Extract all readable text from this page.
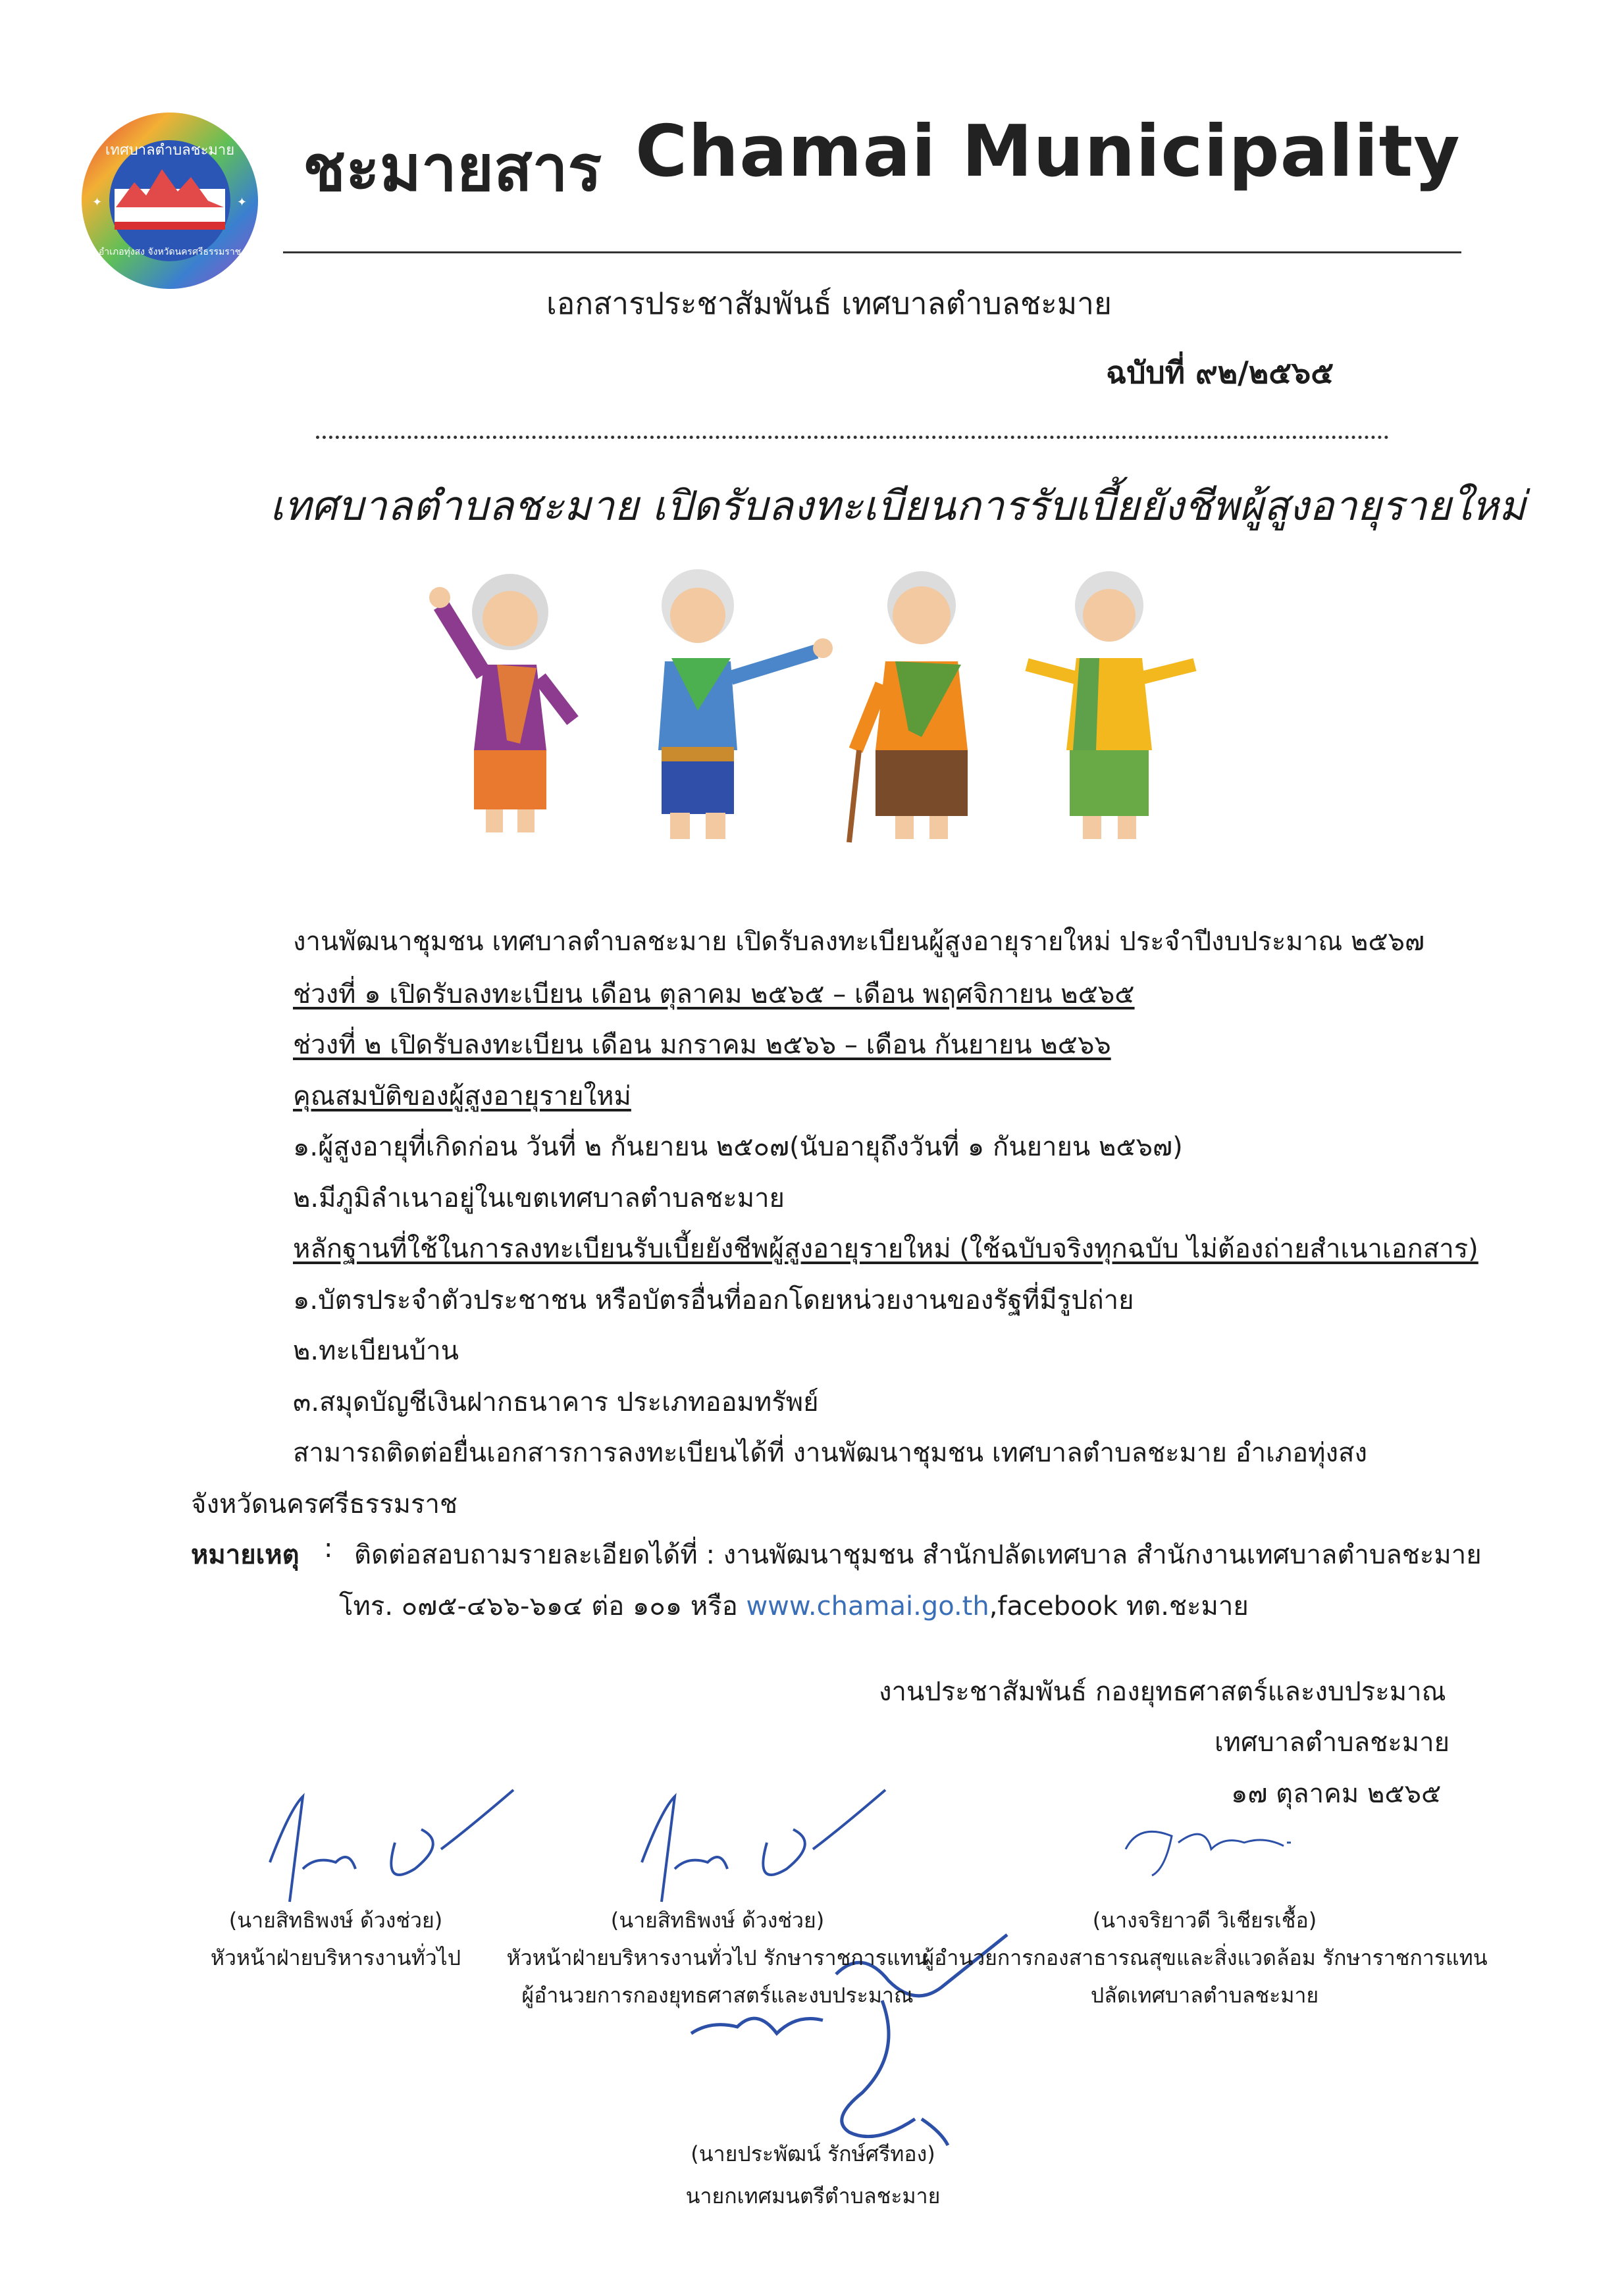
เทศบาลตำบลชะมาย
อำเภอทุ่งสง จังหวัดนครศรีธรรมราช
✦	✦ ชะมายสาร Chamai Municipality
เอกสารประชาสัมพันธ์ เทศบาลตำบลชะมาย
ฉบับที่ ๙๒/๒๕๖๕
เทศบาลตำบลชะมาย เปิดรับลงทะเบียนการรับเบี้ยยังชีพผู้สูงอายุรายใหม่
งานพัฒนาชุมชน เทศบาลตำบลชะมาย เปิดรับลงทะเบียนผู้สูงอายุรายใหม่ ประจำปีงบประมาณ ๒๕๖๗
ช่วงที่ ๑ เปิดรับลงทะเบียน เดือน ตุลาคม ๒๕๖๕ – เดือน พฤศจิกายน ๒๕๖๕
ช่วงที่ ๒ เปิดรับลงทะเบียน เดือน มกราคม ๒๕๖๖ – เดือน กันยายน ๒๕๖๖
คุณสมบัติของผู้สูงอายุรายใหม่
๑.ผู้สูงอายุที่เกิดก่อน วันที่ ๒ กันยายน ๒๕๐๗(นับอายุถึงวันที่ ๑ กันยายน ๒๕๖๗)
๒.มีภูมิลำเนาอยู่ในเขตเทศบาลตำบลชะมาย
หลักฐานที่ใช้ในการลงทะเบียนรับเบี้ยยังชีพผู้สูงอายุรายใหม่ (ใช้ฉบับจริงทุกฉบับ ไม่ต้องถ่ายสำเนาเอกสาร)
๑.บัตรประจำตัวประชาชน หรือบัตรอื่นที่ออกโดยหน่วยงานของรัฐที่มีรูปถ่าย
๒.ทะเบียนบ้าน
๓.สมุดบัญชีเงินฝากธนาคาร ประเภทออมทรัพย์
สามารถติดต่อยื่นเอกสารการลงทะเบียนได้ที่ งานพัฒนาชุมชน เทศบาลตำบลชะมาย อำเภอทุ่งสง
จังหวัดนครศรีธรรมราช
หมายเหตุ : ติดต่อสอบถามรายละเอียดได้ที่ : งานพัฒนาชุมชน สำนักปลัดเทศบาล สำนักงานเทศบาลตำบลชะมาย
โทร. ๐๗๕-๔๖๖-๖๑๔ ต่อ ๑๐๑ หรือ www.chamai.go.th,facebook ทต.ชะมาย
งานประชาสัมพันธ์ กองยุทธศาสตร์และงบประมาณ
เทศบาลตำบลชะมาย
๑๗ ตุลาคม ๒๕๖๕
(นายสิทธิพงษ์ ด้วงช่วย)
หัวหน้าฝ่ายบริหารงานทั่วไป
(นายสิทธิพงษ์ ด้วงช่วย)
หัวหน้าฝ่ายบริหารงานทั่วไป รักษาราชการแทน
ผู้อำนวยการกองยุทธศาสตร์และงบประมาณ
(นางจริยาวดี วิเชียรเชื้อ)
ผู้อำนวยการกองสาธารณสุขและสิ่งแวดล้อม รักษาราชการแทน
ปลัดเทศบาลตำบลชะมาย
(นายประพัฒน์ รักษ์ศรีทอง)
นายกเทศมนตรีตำบลชะมาย
